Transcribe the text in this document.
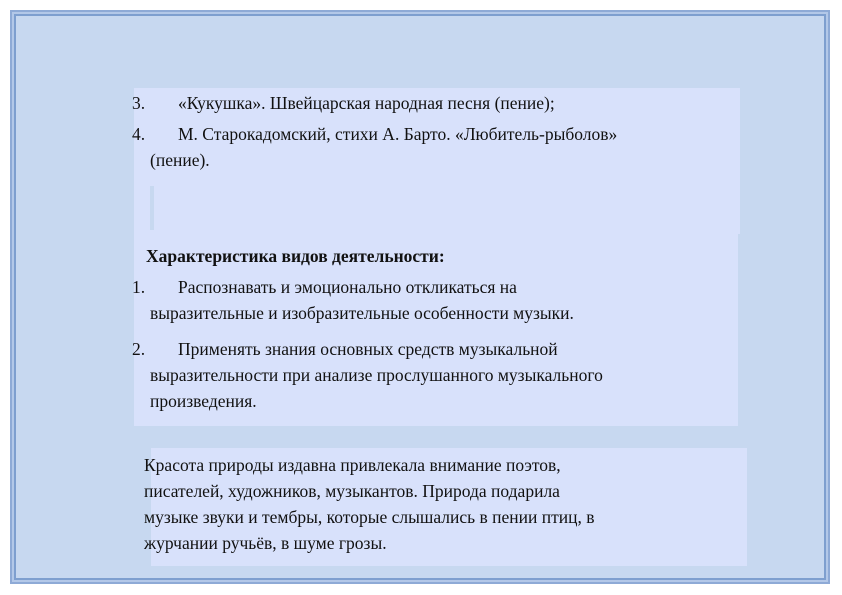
3. «Кукушка». Швейцарская народная песня (пение);
4. М. Старокадомский, стихи А. Барто. «Любитель-рыболов»
(пение).
Характеристика видов деятельности:
1. Распознавать и эмоционально откликаться на
выразительные и изобразительные особенности музыки.
2. Применять знания основных средств музыкальной
выразительности при анализе прослушанного музыкального
произведения.
Красота природы издавна привлекала внимание поэтов,
писателей, художников, музыкантов. Природа подарила
музыке звуки и тембры, которые слышались в пении птиц, в
журчании ручьёв, в шуме грозы.
